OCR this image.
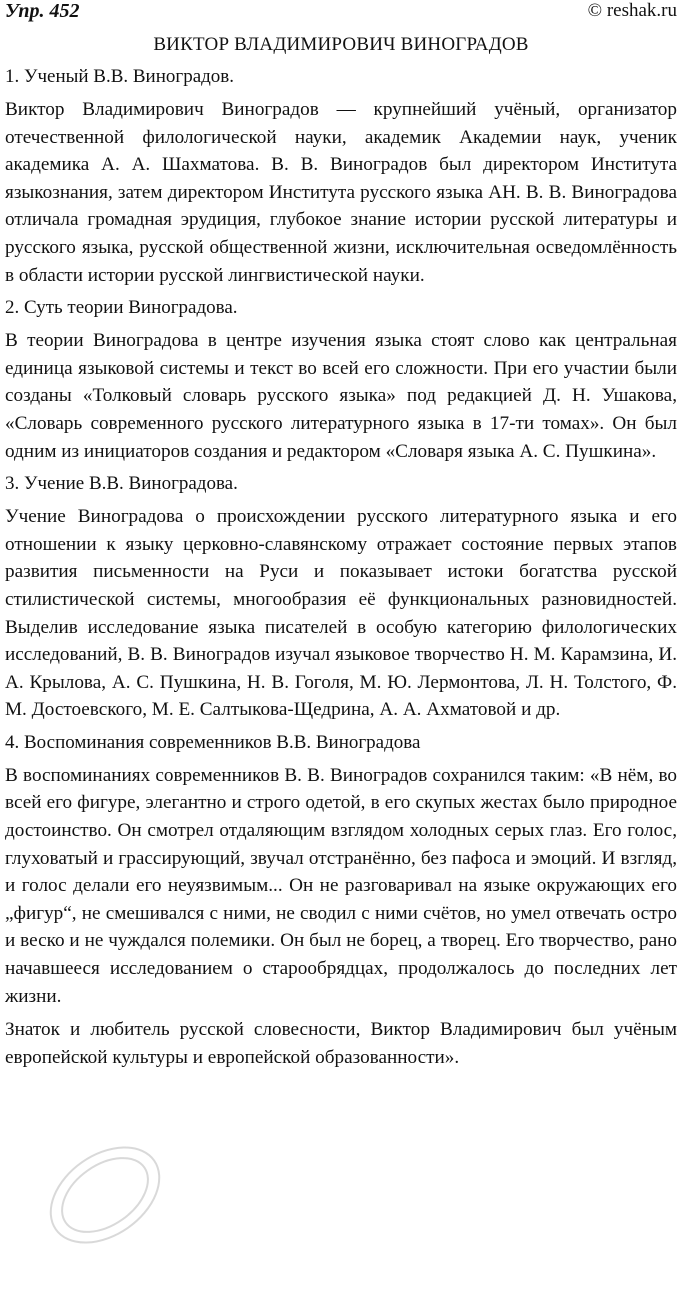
Упр. 452	© reshak.ru
ВИКТОР ВЛАДИМИРОВИЧ ВИНОГРАДОВ
1. Ученый В.В. Виноградов.

Виктор Владимирович Виноградов — крупнейший учёный, организатор отечественной филологической науки, академик Академии наук, ученик академика А. А. Шахматова. В. В. Виноградов был директором Института языкознания, затем директором Института русского языка АН. В. В. Виноградова отличала громадная эрудиция, глубокое знание истории русской литературы и русского языка, русской общественной жизни, исключительная осведомлённость в области истории русской лингвистической науки.

2. Суть теории Виноградова.

В теории Виноградова в центре изучения языка стоят слово как центральная единица языковой системы и текст во всей его сложности. При его участии были созданы «Толковый словарь русского языка» под редакцией Д. Н. Ушакова, «Словарь современного русского литературного языка в 17-ти томах». Он был одним из инициаторов создания и редактором «Словаря языка А. С. Пушкина».

3. Учение В.В. Виноградова.

Учение Виноградова о происхождении русского литературного языка и его отношении к языку церковно-славянскому отражает состояние первых этапов развития письменности на Руси и показывает истоки богатства русской стилистической системы, многообразия её функциональных разновидностей. Выделив исследование языка писателей в особую категорию филологических исследований, В. В. Виноградов изучал языковое творчество Н. М. Карамзина, И. А. Крылова, А. С. Пушкина, Н. В. Гоголя, М. Ю. Лермонтова, Л. Н. Толстого, Ф. М. Достоевского, М. Е. Салтыкова-Щедрина, А. А. Ахматовой и др.

4. Воспоминания современников В.В. Виноградова

В воспоминаниях современников В. В. Виноградов сохранился таким: «В нём, во всей его фигуре, элегантно и строго одетой, в его скупых жестах было природное достоинство. Он смотрел отдаляющим взглядом холодных серых глаз. Его голос, глуховатый и грассирующий, звучал отстранённо, без пафоса и эмоций. И взгляд, и голос делали его неуязвимым... Он не разговаривал на языке окружающих его „фигур“, не смешивался с ними, не сводил с ними счётов, но умел отвечать остро и веско и не чуждался полемики. Он был не борец, а творец. Его творчество, рано начавшееся исследованием о старообрядцах, продолжалось до последних лет жизни.

Знаток и любитель русской словесности, Виктор Владимирович был учёным европейской культуры и европейской образованности».
